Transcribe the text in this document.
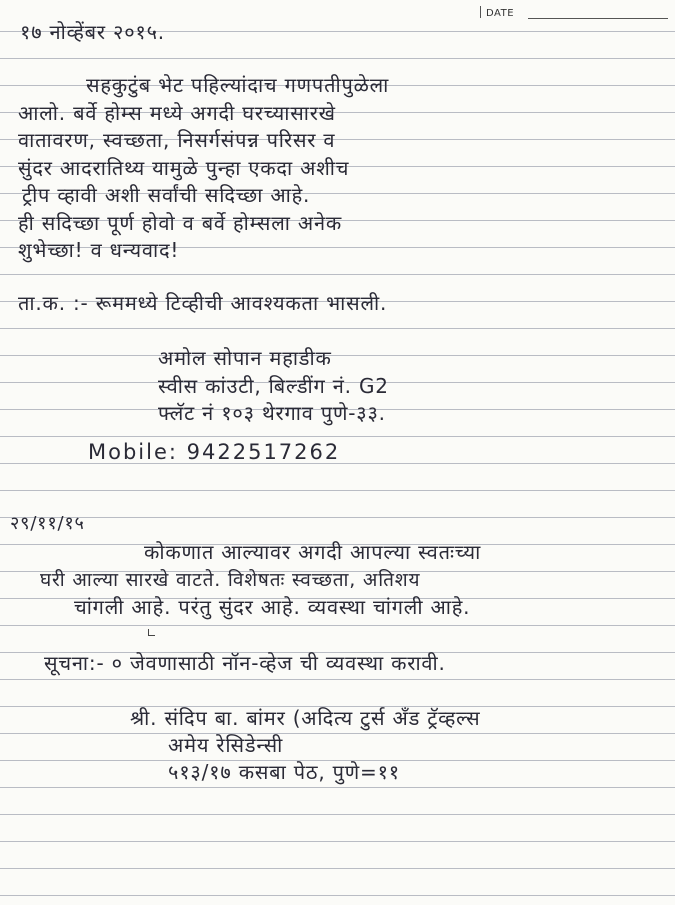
DATE
१७ नोव्हेंबर २०१५.
सहकुटुंब भेट पहिल्यांदाच गणपतीपुळेला
आलो. बर्वे होम्स मध्ये अगदी घरच्यासारखे
वातावरण, स्वच्छता, निसर्गसंपन्न परिसर व
सुंदर आदरातिथ्य यामुळे पुन्हा एकदा अशीच
ट्रीप व्हावी अशी सर्वांची सदिच्छा आहे.
ही सदिच्छा पूर्ण होवो व बर्वे होम्सला अनेक
शुभेच्छा! व धन्यवाद!
ता.क. :- रूममध्ये टिव्हीची आवश्यकता भासली.
अमोल सोपान महाडीक
स्वीस कांउटी, बिल्डींग नं. G2
फ्लॅट नं १०३ थेरगाव पुणे-३३.
Mobile: 9422517262
२९/११/१५
कोकणात आल्यावर अगदी आपल्या स्वतःच्या
घरी आल्या सारखे वाटते. विशेषतः स्वच्छता, अतिशय
चांगली आहे. परंतु सुंदर आहे. व्यवस्था चांगली आहे.
सूचना:- ० जेवणासाठी नॉन-व्हेज ची व्यवस्था करावी.
श्री. संदिप बा. बांमर (अदित्य टुर्स अँड ट्रॅव्हल्स
अमेय रेसिडेन्सी
५१३/१७ कसबा पेठ, पुणे=११
